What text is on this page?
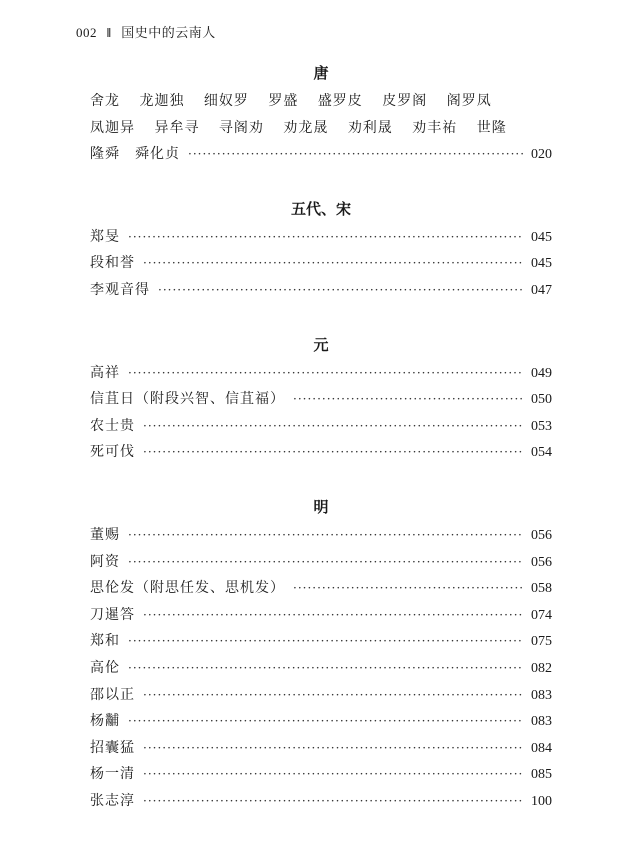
002 ‖ 国史中的云南人
唐
舍龙 龙迦独 细奴罗 罗盛 盛罗皮 皮罗阁 阁罗凤
凤迦异 异牟寻 寻阁劝 劝龙晟 劝利晟 劝丰祐 世隆
隆舜　舜化贞 ·····	020
五代、宋
郑旻 ·····	045
段和誉 ·····	045
李观音得 ·····	047
元
高祥 ·····	049
信苴日（附段兴智、信苴福） ·····	050
农士贵 ·····	053
死可伐 ·····	054
明
董赐 ·····	056
阿资 ·····	056
思伦发（附思任发、思机发） ·····	058
刀暹答 ·····	074
郑和 ·····	075
高伦 ·····	082
邵以正 ·····	083
杨黼 ·····	083
招囊猛 ·····	084
杨一清 ·····	085
张志淳 ·····	100
